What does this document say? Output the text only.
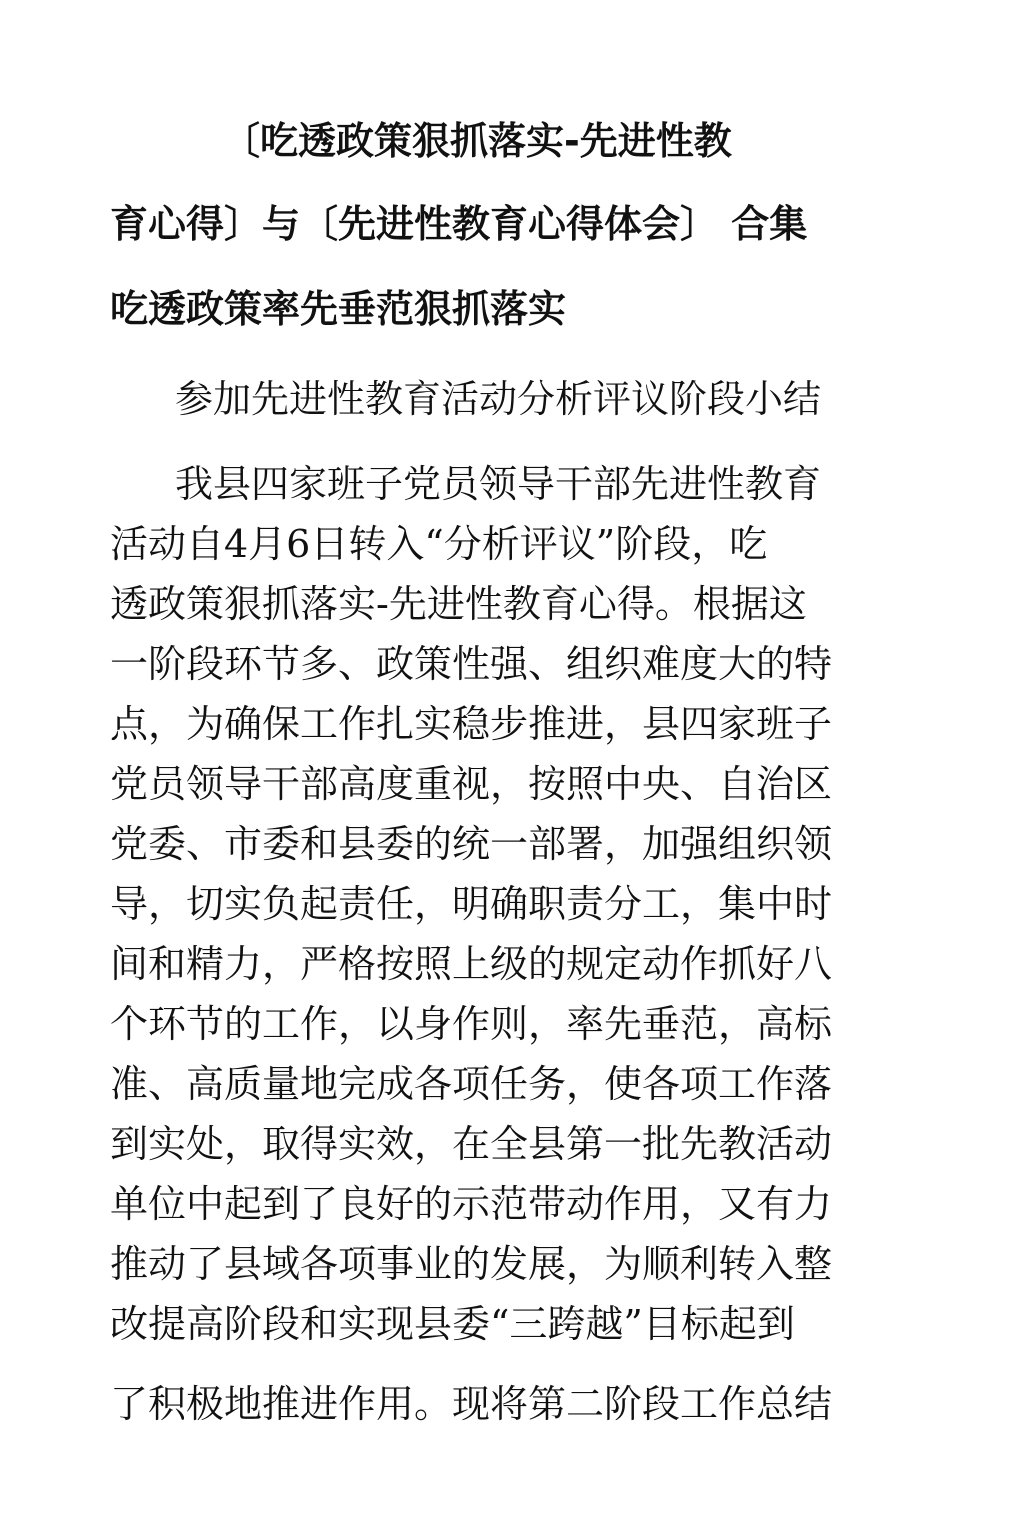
〔吃透政策狠抓落实-先进性教
育心得〕与〔先进性教育心得体会〕 合集
吃透政策率先垂范狠抓落实
参加先进性教育活动分析评议阶段小结
我县四家班子党员领导干部先进性教育
活动自4月6日转入“分析评议”阶段，吃
透政策狠抓落实-先进性教育心得。根据这
一阶段环节多、政策性强、组织难度大的特
点，为确保工作扎实稳步推进，县四家班子
党员领导干部高度重视，按照中央、自治区
党委、市委和县委的统一部署，加强组织领
导，切实负起责任，明确职责分工，集中时
间和精力，严格按照上级的规定动作抓好八
个环节的工作，以身作则，率先垂范，高标
准、高质量地完成各项任务，使各项工作落
到实处，取得实效，在全县第一批先教活动
单位中起到了良好的示范带动作用，又有力
推动了县域各项事业的发展，为顺利转入整
改提高阶段和实现县委“三跨越”目标起到
了积极地推进作用。现将第二阶段工作总结
